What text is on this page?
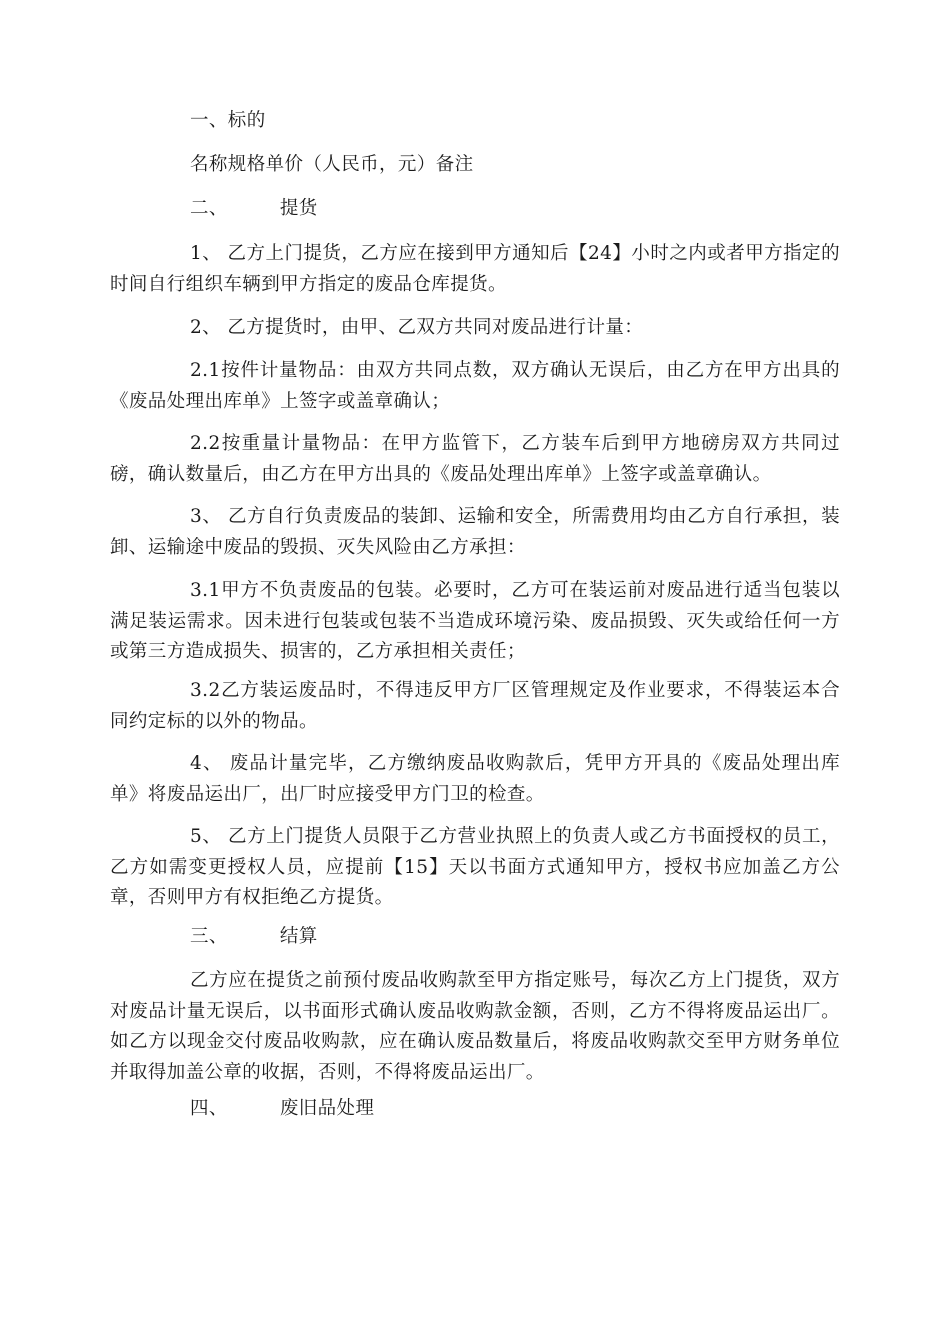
一、标的

名称规格单价（人民币，元）备注

二、	提货

1、 乙方上门提货，乙方应在接到甲方通知后【24】小时之内或者甲方指定的时间自行组织车辆到甲方指定的废品仓库提货。

2、 乙方提货时，由甲、乙双方共同对废品进行计量：

2.1按件计量物品：由双方共同点数，双方确认无误后，由乙方在甲方出具的《废品处理出库单》上签字或盖章确认；

2.2按重量计量物品：在甲方监管下，乙方装车后到甲方地磅房双方共同过磅，确认数量后，由乙方在甲方出具的《废品处理出库单》上签字或盖章确认。

3、 乙方自行负责废品的装卸、运输和安全，所需费用均由乙方自行承担，装卸、运输途中废品的毁损、灭失风险由乙方承担：

3.1甲方不负责废品的包装。必要时，乙方可在装运前对废品进行适当包装以满足装运需求。因未进行包装或包装不当造成环境污染、废品损毁、灭失或给任何一方或第三方造成损失、损害的，乙方承担相关责任；

3.2乙方装运废品时，不得违反甲方厂区管理规定及作业要求，不得装运本合同约定标的以外的物品。

4、 废品计量完毕，乙方缴纳废品收购款后，凭甲方开具的《废品处理出库单》将废品运出厂，出厂时应接受甲方门卫的检查。

5、 乙方上门提货人员限于乙方营业执照上的负责人或乙方书面授权的员工，乙方如需变更授权人员，应提前【15】天以书面方式通知甲方，授权书应加盖乙方公章，否则甲方有权拒绝乙方提货。

三、	结算

乙方应在提货之前预付废品收购款至甲方指定账号，每次乙方上门提货，双方对废品计量无误后，以书面形式确认废品收购款金额，否则，乙方不得将废品运出厂。如乙方以现金交付废品收购款，应在确认废品数量后，将废品收购款交至甲方财务单位并取得加盖公章的收据，否则，不得将废品运出厂。

四、	废旧品处理
